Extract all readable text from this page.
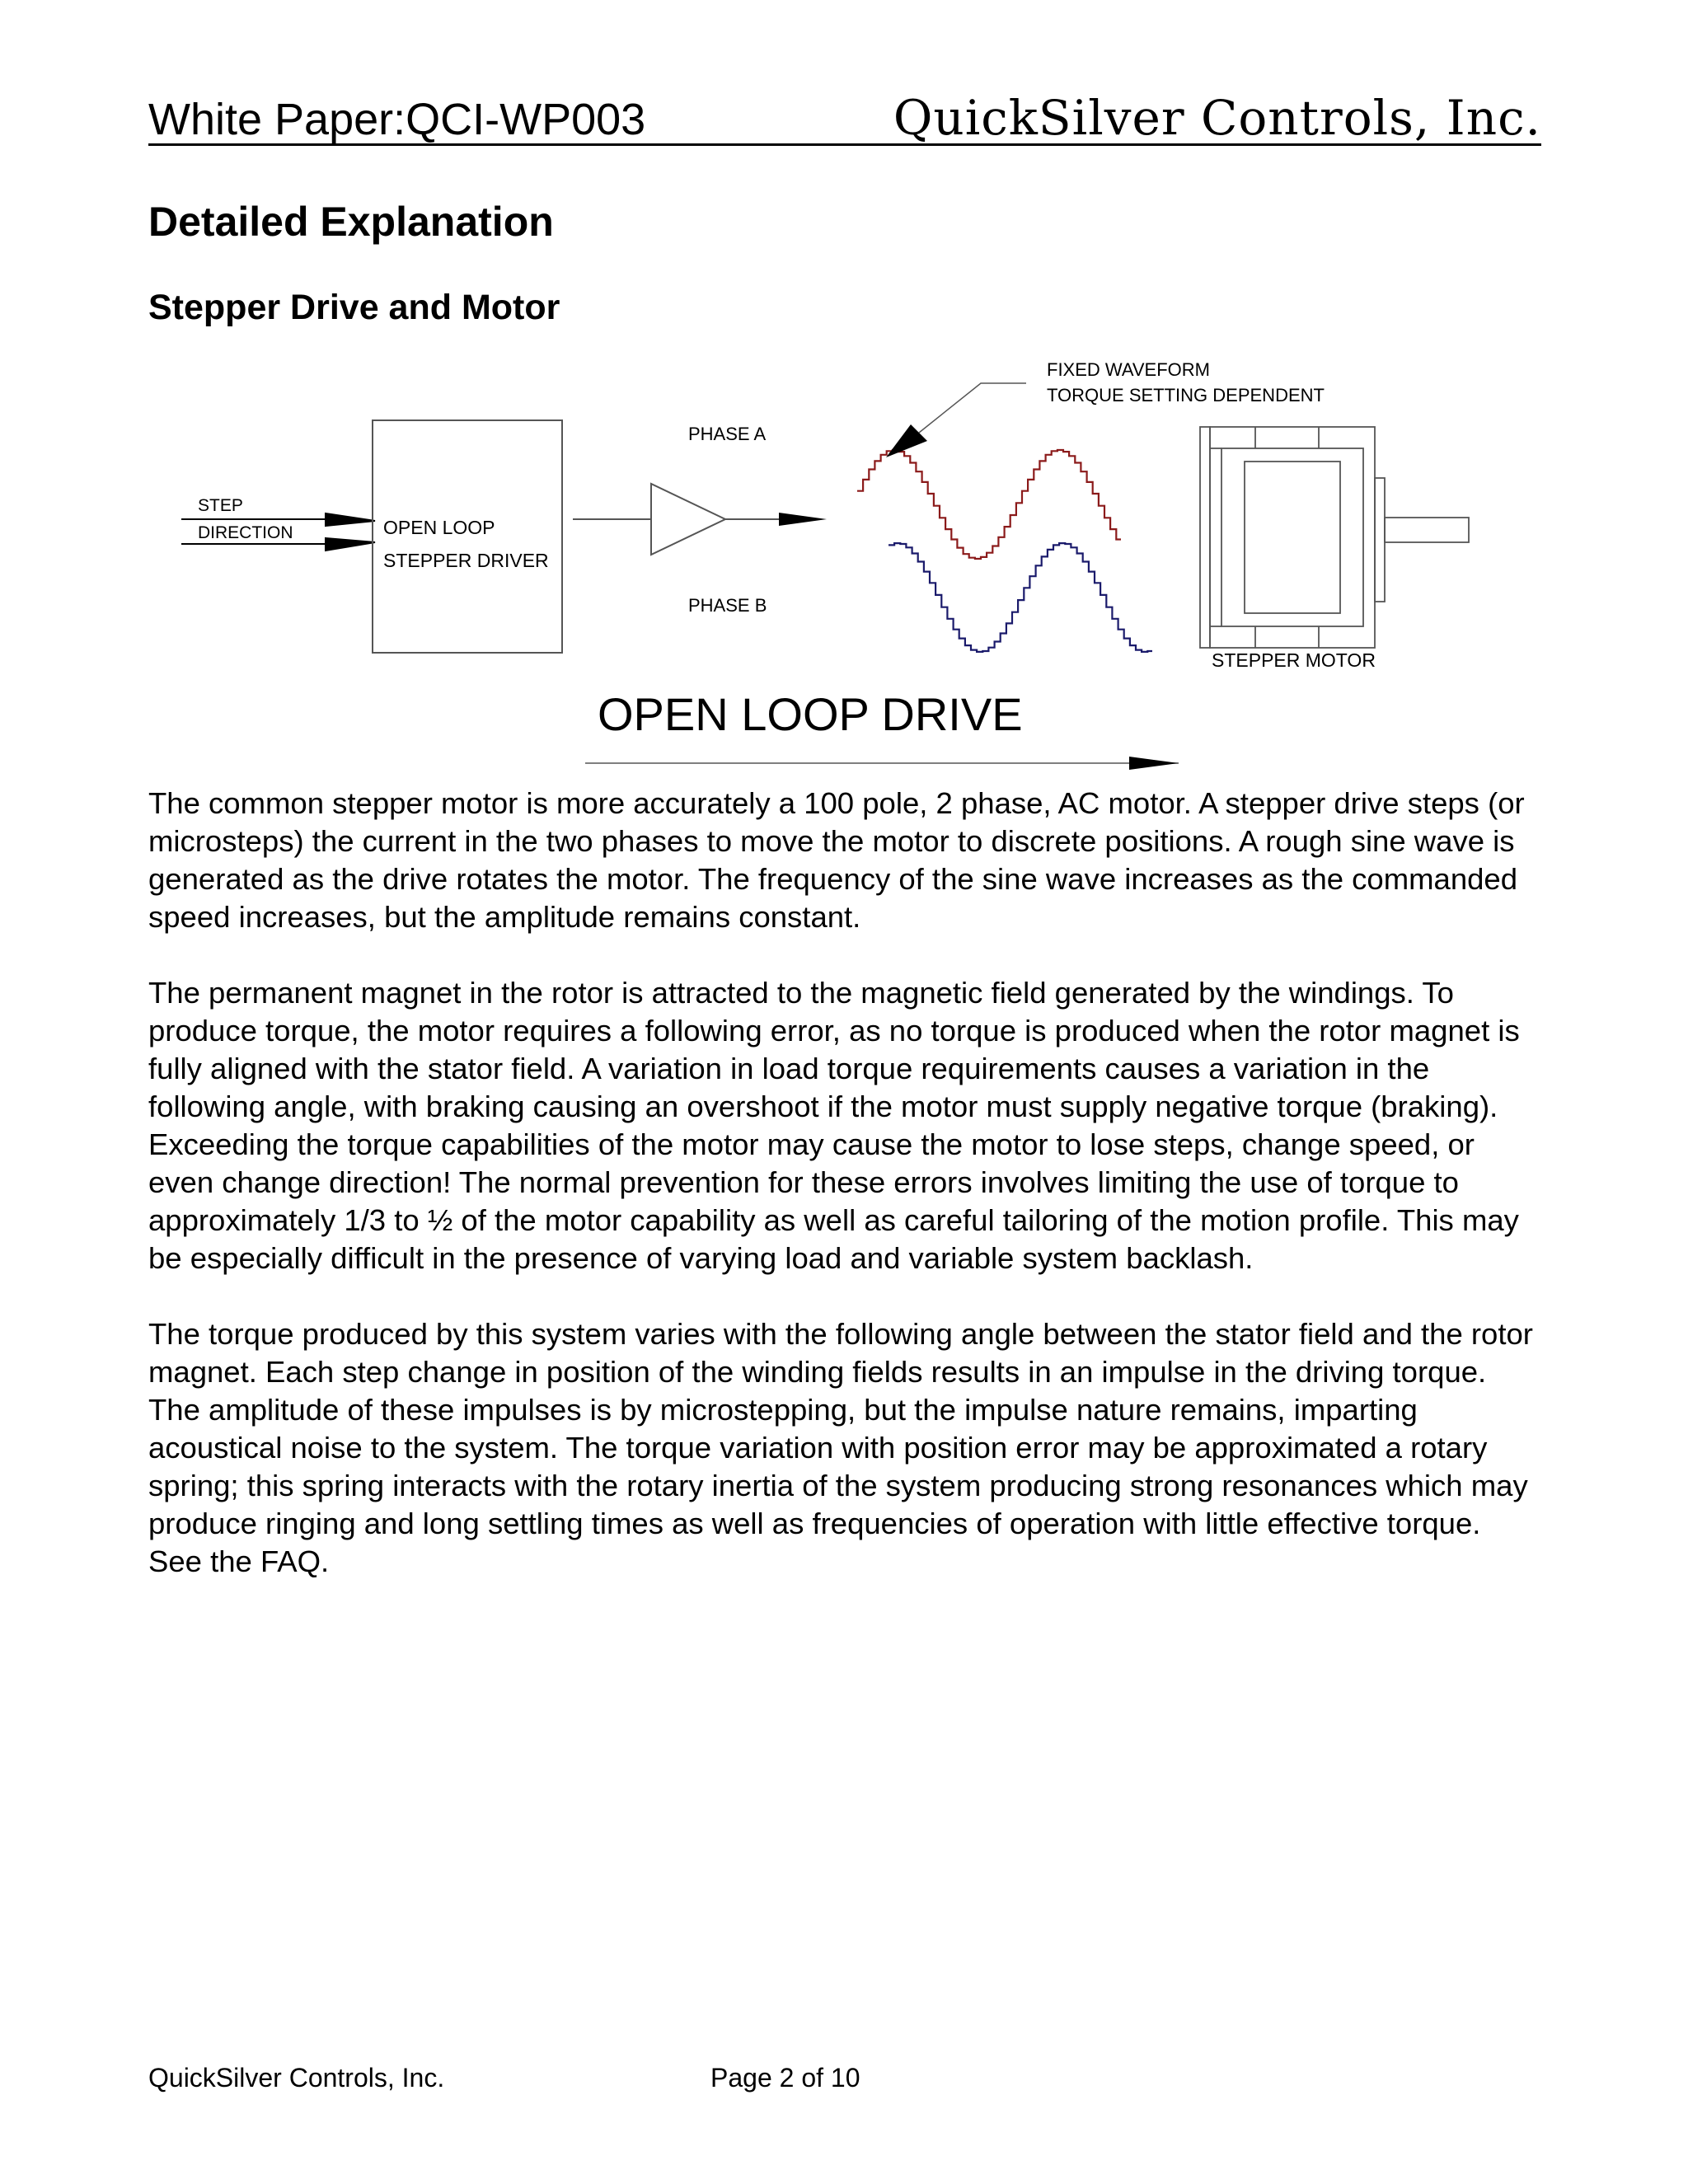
White Paper:QCI-WP003	QuickSilver Controls, Inc.
Detailed Explanation
Stepper Drive and Motor
STEP
DIRECTION	OPEN LOOP
STEPPER DRIVER
PHASE A
PHASE B
FIXED WAVEFORM
TORQUE SETTING DEPENDENT
STEPPER MOTOR
OPEN LOOP DRIVE

The common stepper motor is more accurately a 100 pole, 2 phase, AC motor. A stepper drive steps (or microsteps) the current in the two phases to move the motor to discrete positions. A rough sine wave is generated as the drive rotates the motor. The frequency of the sine wave increases as the commanded speed increases, but the amplitude remains constant.

The permanent magnet in the rotor is attracted to the magnetic field generated by the windings. To produce torque, the motor requires a following error, as no torque is produced when the rotor magnet is fully aligned with the stator field. A variation in load torque requirements causes a variation in the following angle, with braking causing an overshoot if the motor must supply negative torque (braking). Exceeding the torque capabilities of the motor may cause the motor to lose steps, change speed, or even change direction! The normal prevention for these errors involves limiting the use of torque to approximately 1/3 to ½ of the motor capability as well as careful tailoring of the motion profile. This may be especially difficult in the presence of varying load and variable system backlash.

The torque produced by this system varies with the following angle between the stator field and the rotor magnet. Each step change in position of the winding fields results in an impulse in the driving torque. The amplitude of these impulses is by microstepping, but the impulse nature remains, imparting acoustical noise to the system. The torque variation with position error may be approximated a rotary spring; this spring interacts with the rotary inertia of the system producing strong resonances which may produce ringing and long settling times as well as frequencies of operation with little effective torque. See the FAQ.

QuickSilver Controls, Inc.	Page 2 of 10
